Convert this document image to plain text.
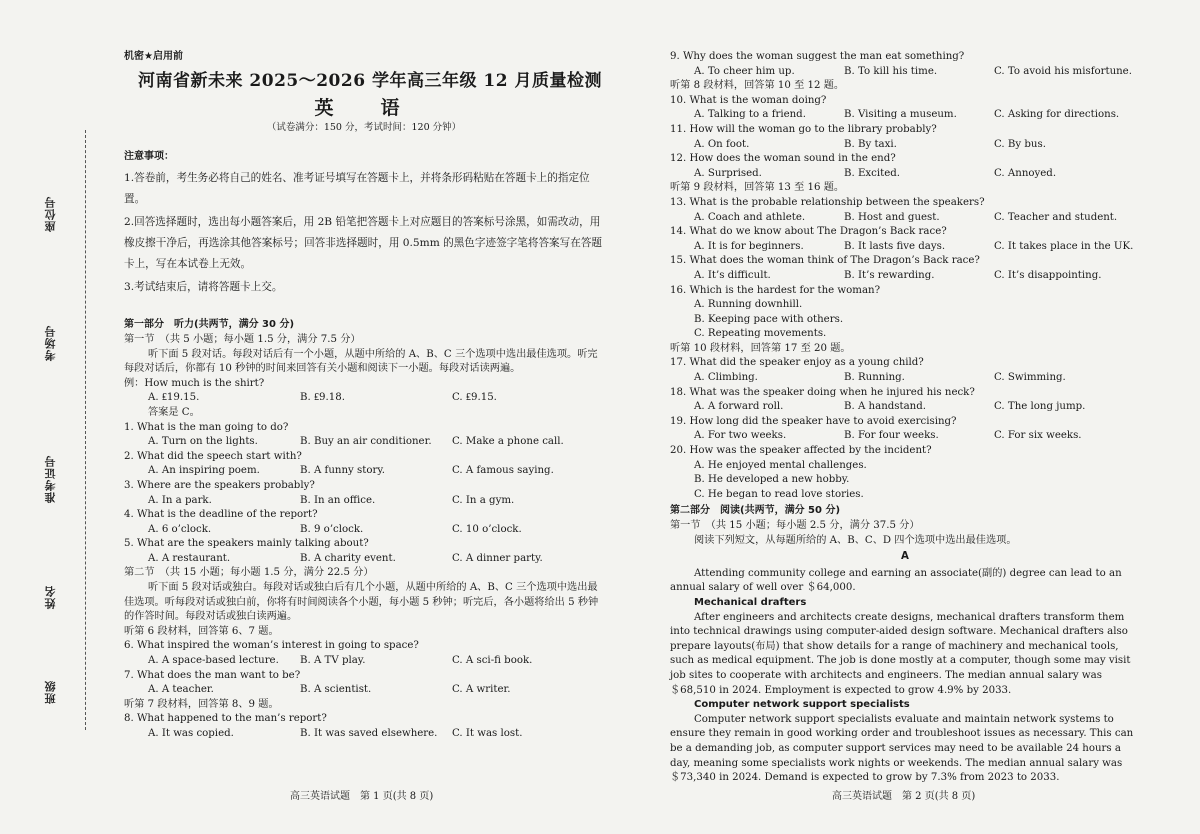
座位号
考场号
准考证号
姓名
班级
机密★启用前
河南省新未来 2025～2026 学年高三年级 12 月质量检测
英　语
（试卷满分：150 分，考试时间：120 分钟）
注意事项：

1.答卷前，考生务必将自己的姓名、准考证号填写在答题卡上，并将条形码粘贴在答题卡上的指定位置。

2.回答选择题时，选出每小题答案后，用 2B 铅笔把答题卡上对应题目的答案标号涂黑，如需改动，用橡皮擦干净后，再选涂其他答案标号；回答非选择题时，用 0.5mm 的黑色字迹签字笔将答案写在答题卡上，写在本试卷上无效。

3.考试结束后，请将答题卡上交。

第一部分　听力(共两节，满分 30 分)
第一节　（共 5 小题；每小题 1.5 分，满分 7.5 分）

听下面 5 段对话。每段对话后有一个小题，从题中所给的 A、B、C 三个选项中选出最佳选项。听完每段对话后，你都有 10 秒钟的时间来回答有关小题和阅读下一小题。每段对话读两遍。

例：How much is the shirt?
A. ₤19.15.	B. ₤9.18.	C. ₤9.15.
答案是 C。
1. What is the man going to do?
A. Turn on the lights.	B. Buy an air conditioner.	C. Make a phone call.
2. What did the speech start with?
A. An inspiring poem.	B. A funny story.	C. A famous saying.
3. Where are the speakers probably?
A. In a park.	B. In an office.	C. In a gym.
4. What is the deadline of the report?
A. 6 o’clock.	B. 9 o’clock.	C. 10 o’clock.
5. What are the speakers mainly talking about?
A. A restaurant.	B. A charity event.	C. A dinner party.
第二节　（共 15 小题；每小题 1.5 分，满分 22.5 分）

听下面 5 段对话或独白。每段对话或独白后有几个小题，从题中所给的 A、B、C 三个选项中选出最佳选项。听每段对话或独白前，你将有时间阅读各个小题，每小题 5 秒钟；听完后，各小题将给出 5 秒钟的作答时间。每段对话或独白读两遍。

听第 6 段材料，回答第 6、7 题。
6. What inspired the woman’s interest in going to space?
A. A space-based lecture.	B. A TV play.	C. A sci-fi book.
7. What does the man want to be?
A. A teacher.	B. A scientist.	C. A writer.
听第 7 段材料，回答第 8、9 题。
8. What happened to the man’s report?
A. It was copied.	B. It was saved elsewhere.	C. It was lost.
9. Why does the woman suggest the man eat something?
A. To cheer him up.	B. To kill his time.	C. To avoid his misfortune.
听第 8 段材料，回答第 10 至 12 题。
10. What is the woman doing?
A. Talking to a friend.	B. Visiting a museum.	C. Asking for directions.
11. How will the woman go to the library probably?
A. On foot.	B. By taxi.	C. By bus.
12. How does the woman sound in the end?
A. Surprised.	B. Excited.	C. Annoyed.
听第 9 段材料，回答第 13 至 16 题。
13. What is the probable relationship between the speakers?
A. Coach and athlete.	B. Host and guest.	C. Teacher and student.
14. What do we know about The Dragon’s Back race?
A. It is for beginners.	B. It lasts five days.	C. It takes place in the UK.
15. What does the woman think of The Dragon’s Back race?
A. It’s difficult.	B. It’s rewarding.	C. It’s disappointing.
16. Which is the hardest for the woman?
A. Running downhill.
B. Keeping pace with others.
C. Repeating movements.
听第 10 段材料，回答第 17 至 20 题。
17. What did the speaker enjoy as a young child?
A. Climbing.	B. Running.	C. Swimming.
18. What was the speaker doing when he injured his neck?
A. A forward roll.	B. A handstand.	C. The long jump.
19. How long did the speaker have to avoid exercising?
A. For two weeks.	B. For four weeks.	C. For six weeks.
20. How was the speaker affected by the incident?
A. He enjoyed mental challenges.
B. He developed a new hobby.
C. He began to read love stories.
第二部分　阅读(共两节，满分 50 分)
第一节　（共 15 小题；每小题 2.5 分，满分 37.5 分）

阅读下列短文，从每题所给的 A、B、C、D 四个选项中选出最佳选项。

A

Attending community college and earning an associate(副的) degree can lead to an annual salary of well over ＄64,000.

Mechanical drafters

After engineers and architects create designs, mechanical drafters transform them into technical drawings using computer-aided design software. Mechanical drafters also prepare layouts(布局) that show details for a range of machinery and mechanical tools, such as medical equipment. The job is done mostly at a computer, though some may visit job sites to cooperate with architects and engineers. The median annual salary was ＄68,510 in 2024. Employment is expected to grow 4.9% by 2033.

Computer network support specialists

Computer network support specialists evaluate and maintain network systems to ensure they remain in good working order and troubleshoot issues as necessary. This can be a demanding job, as computer support services may need to be available 24 hours a day, meaning some specialists work nights or weekends. The median annual salary was ＄73,340 in 2024. Demand is expected to grow by 7.3% from 2023 to 2033.

高三英语试题　第 1 页(共 8 页)	高三英语试题　第 2 页(共 8 页)
